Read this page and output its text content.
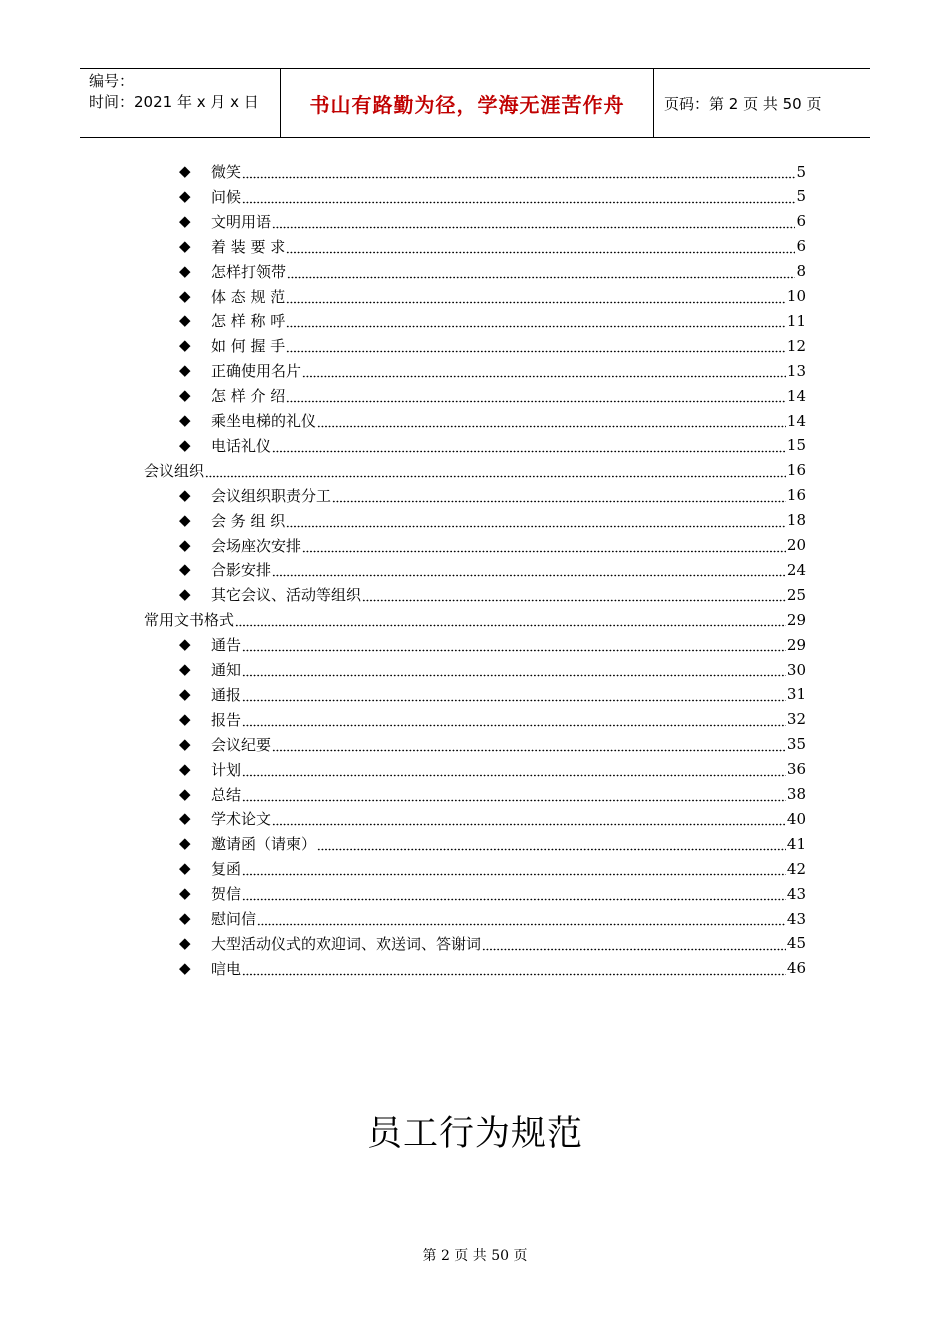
编号：
时间：2021 年 x 月 x 日	书山有路勤为径，学海无涯苦作舟	页码：第 2 页 共 50 页
◆ 微笑	5
◆ 问候	5
◆ 文明用语	6
◆ 着 装 要 求	6
◆ 怎样打领带	8
◆ 体 态 规 范	10
◆ 怎 样 称 呼	11
◆ 如 何 握 手	12
◆ 正确使用名片	13
◆ 怎 样 介 绍	14
◆ 乘坐电梯的礼仪	14
◆ 电话礼仪	15
会议组织	16
◆ 会议组织职责分工	16
◆ 会 务 组 织	18
◆ 会场座次安排	20
◆ 合影安排	24
◆ 其它会议、活动等组织	25
常用文书格式	29
◆ 通告	29
◆ 通知	30
◆ 通报	31
◆ 报告	32
◆ 会议纪要	35
◆ 计划	36
◆ 总结	38
◆ 学术论文	40
◆ 邀请函（请柬）	41
◆ 复函	42
◆ 贺信	43
◆ 慰问信	43
◆ 大型活动仪式的欢迎词、欢送词、答谢词	45
◆ 唁电	46
员工行为规范
第 2 页 共 50 页
